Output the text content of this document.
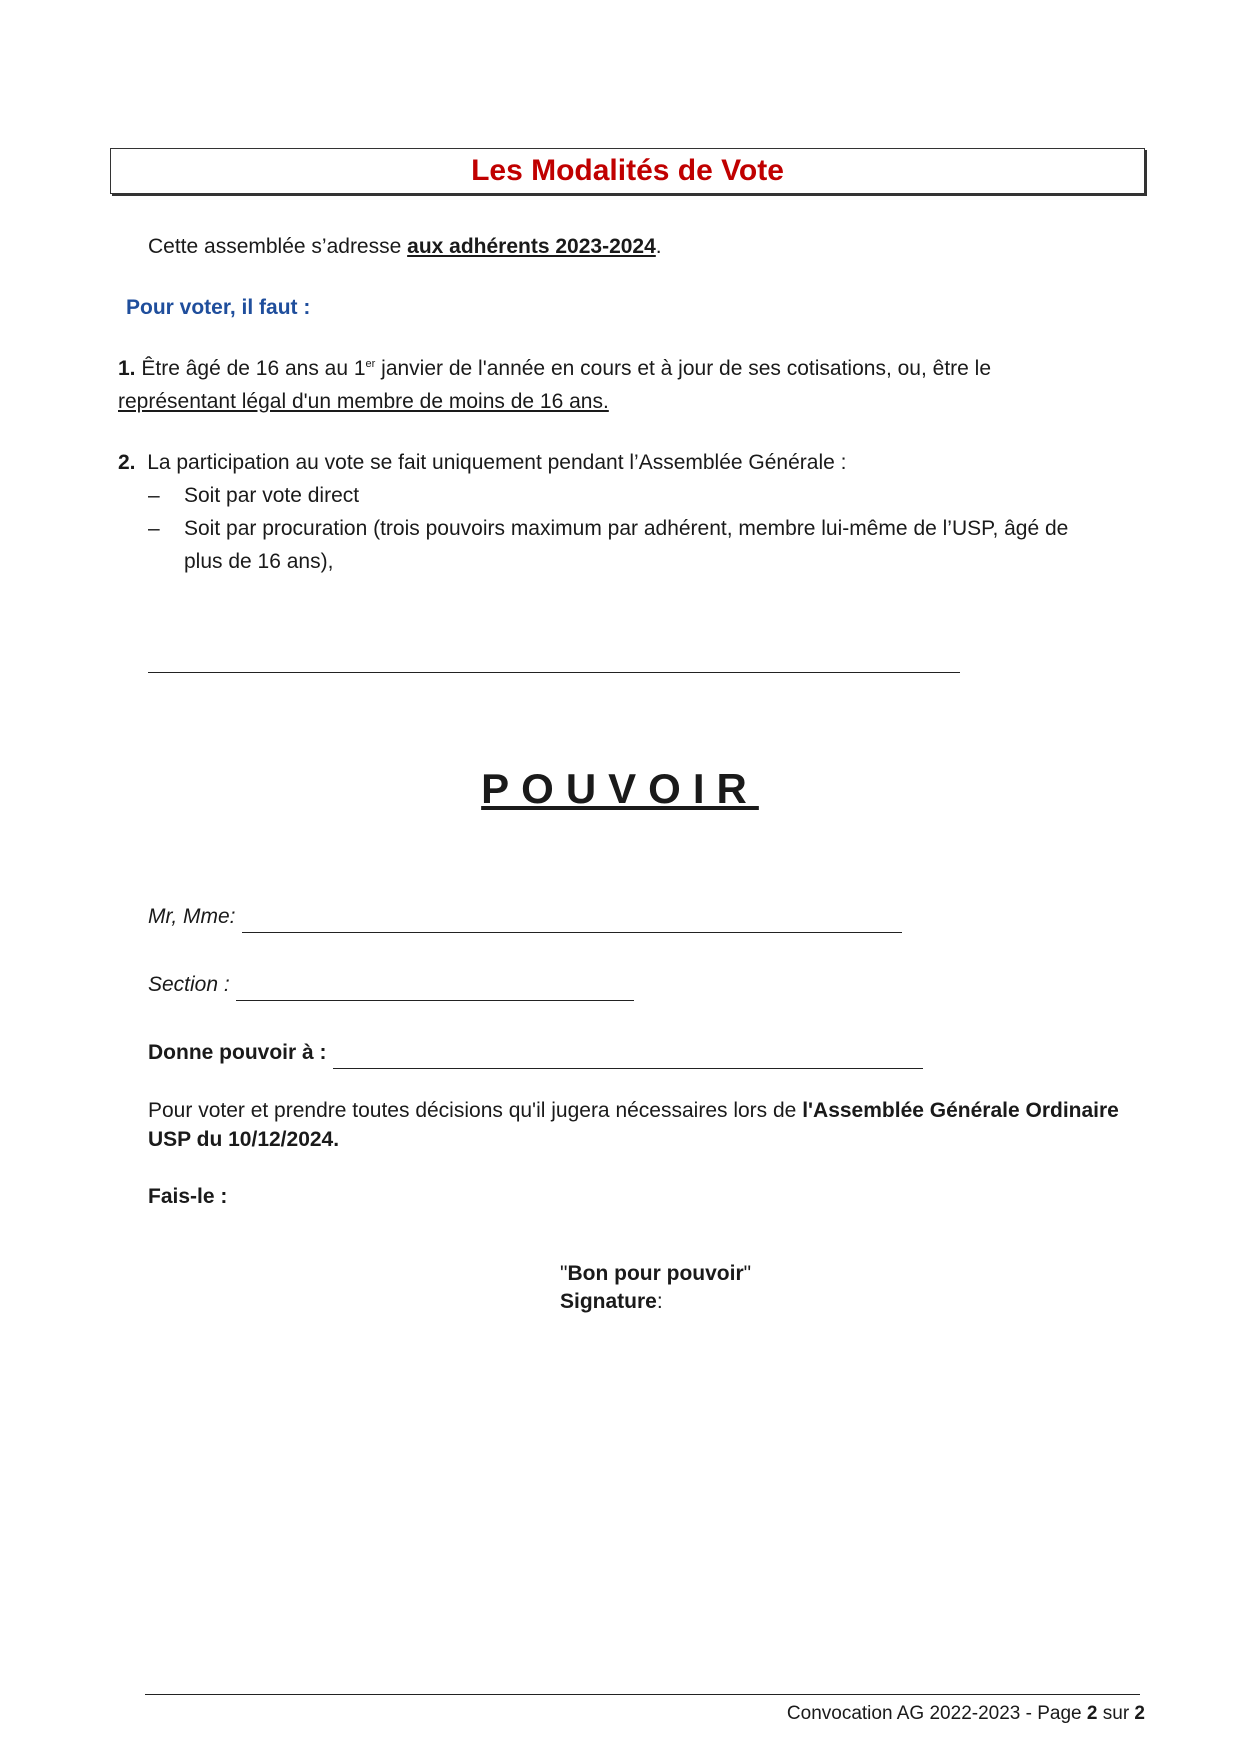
Les Modalités de Vote
Cette assemblée s’adresse aux adhérents 2023-2024.
Pour voter, il faut :
1. Être âgé de 16 ans au 1er janvier de l'année en cours et à jour de ses cotisations, ou, être le
représentant légal d'un membre de moins de 16 ans.
2. La participation au vote se fait uniquement pendant l’Assemblée Générale :
–	Soit par vote direct
–	Soit par procuration (trois pouvoirs maximum par adhérent, membre lui-même de l’USP, âgé de
plus de 16 ans),
POUVOIR
Mr, Mme:
Section :
Donne pouvoir à :
Pour voter et prendre toutes décisions qu'il jugera nécessaires lors de l'Assemblée Générale Ordinaire
USP du 10/12/2024.
Fais-le :
"Bon pour pouvoir"
Signature:
Convocation AG 2022-2023 - Page 2 sur 2
